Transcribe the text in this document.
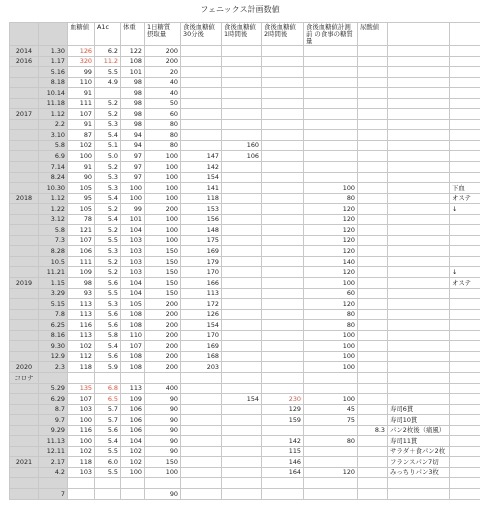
フェニックス計画数値
		血糖値	A1c	体重	1日糖質 摂取量	食後血糖値 30分後	食後血糖値 1時間後	食後血糖値 2時間後	食後血糖値計測前 の食事の糖質量	尿酸値		
2014	1.30	126	6.2	122	200							
2016	1.17	320	11.2	108	200							
	5.16	99	5.5	101	20							
	8.18	110	4.9	98	40							
	10.14	91		98	40							
	11.18	111	5.2	98	50							
2017	1.12	107	5.2	98	60							
	2.2	91	5.3	98	80							
	3.10	87	5.4	94	80							
	5.8	102	5.1	94	80		160					
	6.9	100	5.0	97	100	147	106					
	7.14	91	5.2	97	100	142						
	8.24	90	5.3	97	100	154						
	10.30	105	5.3	100	100	141			100			下血
2018	1.12	95	5.4	100	100	118			80			オステ
	1.22	105	5.2	99	200	153			120			↓
	3.12	78	5.4	101	100	156			120			
	5.8	121	5.2	104	100	148			120			
	7.3	107	5.5	103	100	175			120			
	8.28	106	5.3	103	150	169			120			
	10.5	111	5.2	103	150	179			140			
	11.21	109	5.2	103	150	170			120			↓
2019	1.15	98	5.6	104	150	166			100			オステ
	3.29	93	5.5	104	150	113			60			
	5.15	113	5.3	105	200	172			120			
	7.8	113	5.6	108	200	126			80			
	6.25	116	5.6	108	200	154			80			
	8.16	113	5.8	110	200	170			100			
	9.30	102	5.4	107	200	169			100			
	12.9	112	5.6	108	200	168			100			
2020	2.3	118	5.9	108	200	203			100			
コロナ												
	5.29	135	6.8	113	400							
	6.29	107	6.5	109	90		154	230	100			
	8.7	103	5.7	106	90			129	45		寿司6貫	
	9.7	100	5.7	106	90			159	75		寿司10貫	
	9.29	116	5.6	106	90					8.3	パン2枚後（痛風）	
	11.13	100	5.4	104	90			142	80		寿司11貫	
	12.11	102	5.5	102	90			115			サラダ＋食パン2枚	
2021	2.17	118	6.0	102	150			146			フランスパン7切	
	4.2	103	5.5	100	100			164	120		みっちりパン3枚	

	7				90							
